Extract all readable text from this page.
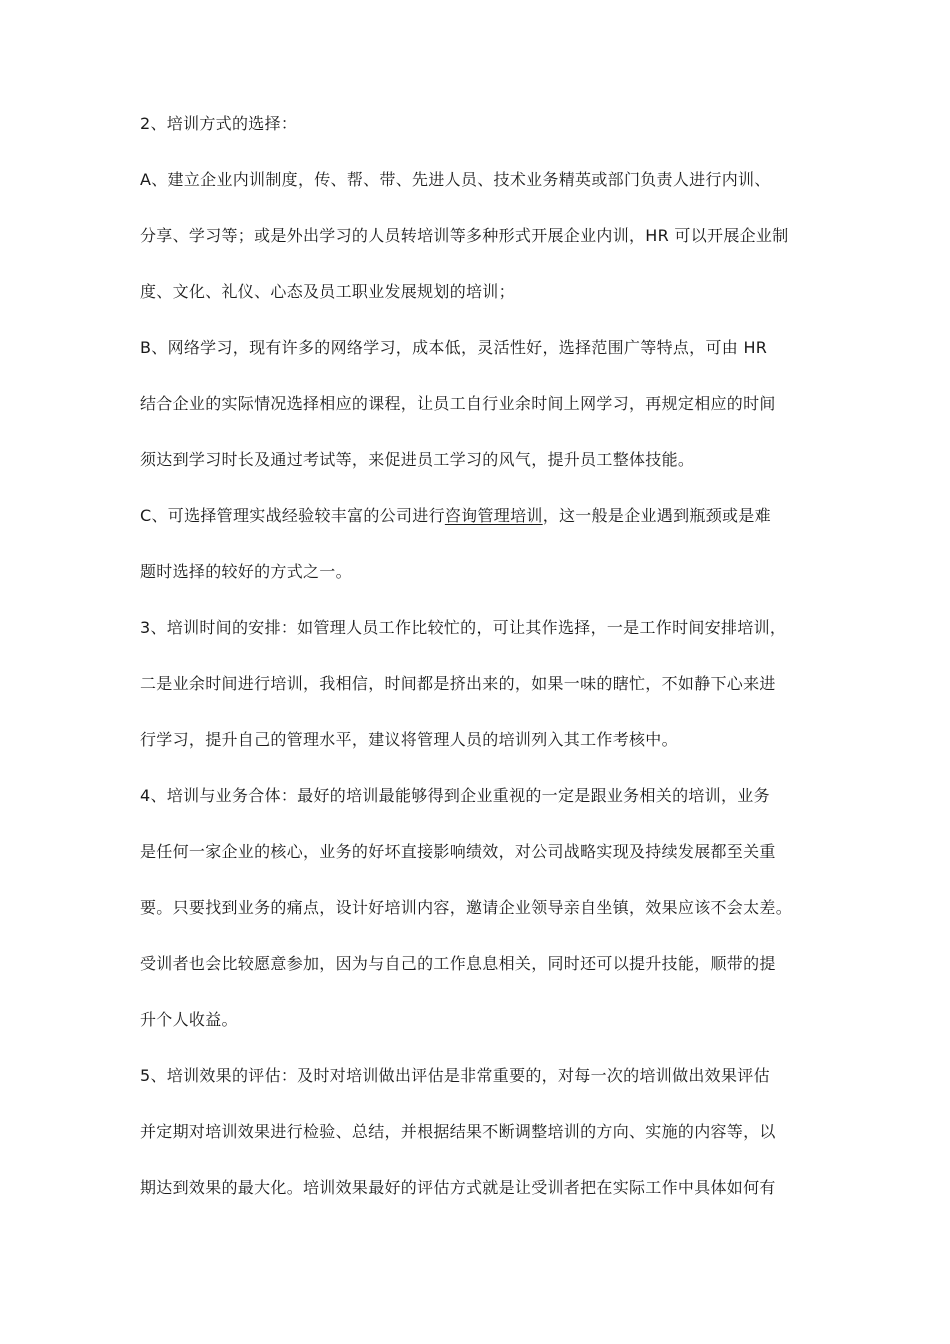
2、培训方式的选择：

A、建立企业内训制度，传、帮、带、先进人员、技术业务精英或部门负责人进行内训、

分享、学习等；或是外出学习的人员转培训等多种形式开展企业内训，HR 可以开展企业制

度、文化、礼仪、心态及员工职业发展规划的培训；

B、网络学习，现有许多的网络学习，成本低，灵活性好，选择范围广等特点，可由 HR

结合企业的实际情况选择相应的课程，让员工自行业余时间上网学习，再规定相应的时间

须达到学习时长及通过考试等，来促进员工学习的风气，提升员工整体技能。

C、可选择管理实战经验较丰富的公司进行咨询管理培训，这一般是企业遇到瓶颈或是难

题时选择的较好的方式之一。

3、培训时间的安排：如管理人员工作比较忙的，可让其作选择，一是工作时间安排培训，

二是业余时间进行培训，我相信，时间都是挤出来的，如果一味的瞎忙，不如静下心来进

行学习，提升自己的管理水平，建议将管理人员的培训列入其工作考核中。

4、培训与业务合体：最好的培训最能够得到企业重视的一定是跟业务相关的培训，业务

是任何一家企业的核心，业务的好坏直接影响绩效，对公司战略实现及持续发展都至关重

要。只要找到业务的痛点，设计好培训内容，邀请企业领导亲自坐镇，效果应该不会太差。

受训者也会比较愿意参加，因为与自己的工作息息相关，同时还可以提升技能，顺带的提

升个人收益。

5、培训效果的评估：及时对培训做出评估是非常重要的，对每一次的培训做出效果评估

并定期对培训效果进行检验、总结，并根据结果不断调整培训的方向、实施的内容等，以

期达到效果的最大化。培训效果最好的评估方式就是让受训者把在实际工作中具体如何有
